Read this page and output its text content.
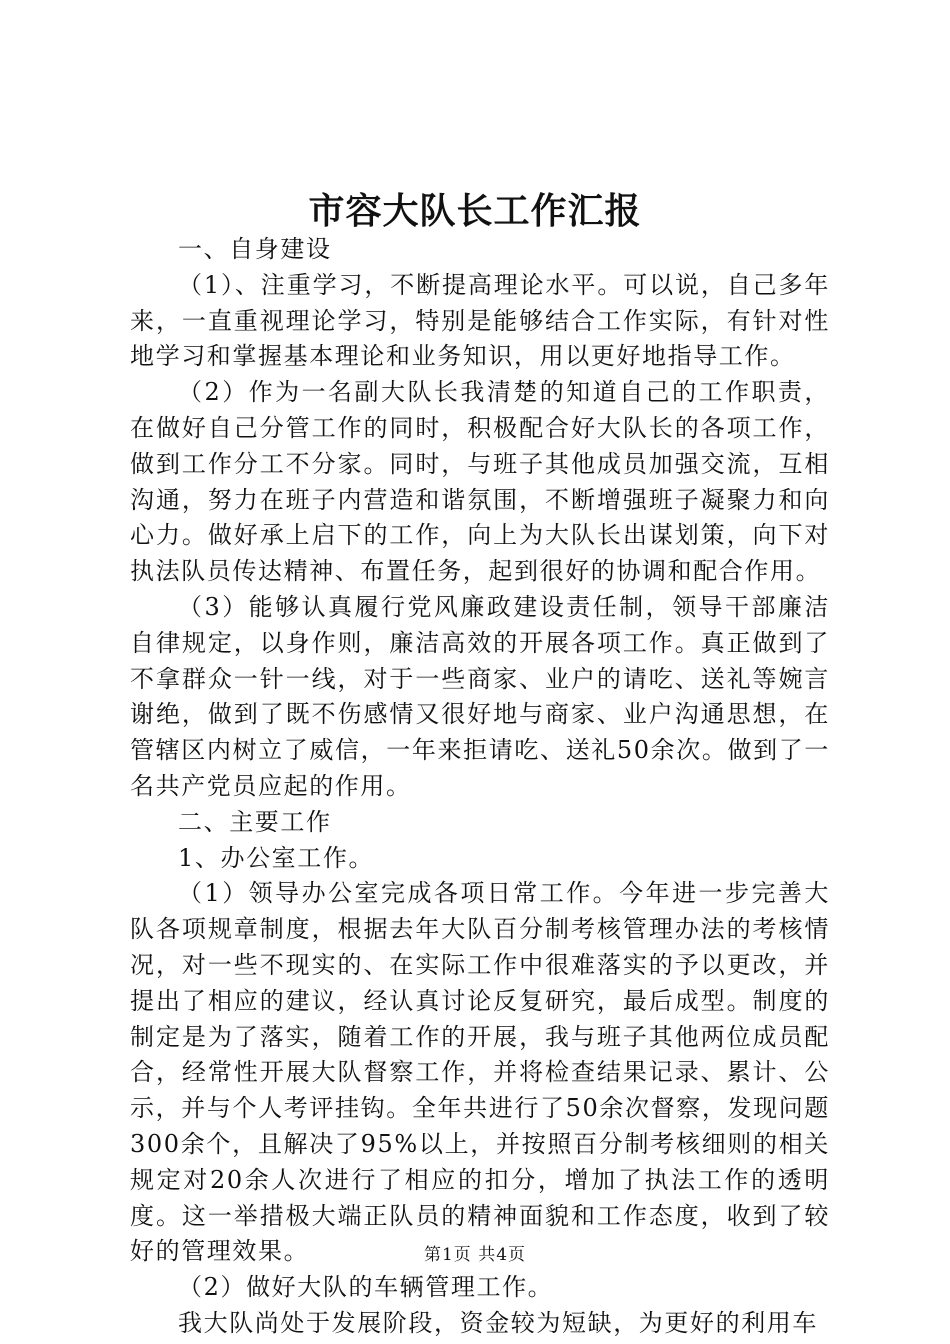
市容大队长工作汇报

一、自身建设

（1）、注重学习，不断提高理论水平。可以说，自己多年来，一直重视理论学习，特别是能够结合工作实际，有针对性地学习和掌握基本理论和业务知识，用以更好地指导工作。

（2）作为一名副大队长我清楚的知道自己的工作职责，在做好自己分管工作的同时，积极配合好大队长的各项工作，做到工作分工不分家。同时，与班子其他成员加强交流，互相沟通，努力在班子内营造和谐氛围，不断增强班子凝聚力和向心力。做好承上启下的工作，向上为大队长出谋划策，向下对执法队员传达精神、布置任务，起到很好的协调和配合作用。

（3）能够认真履行党风廉政建设责任制，领导干部廉洁自律规定，以身作则，廉洁高效的开展各项工作。真正做到了不拿群众一针一线，对于一些商家、业户的请吃、送礼等婉言谢绝，做到了既不伤感情又很好地与商家、业户沟通思想，在管辖区内树立了威信，一年来拒请吃、送礼50余次。做到了一名共产党员应起的作用。

二、主要工作

1、办公室工作。

（1）领导办公室完成各项日常工作。今年进一步完善大队各项规章制度，根据去年大队百分制考核管理办法的考核情况，对一些不现实的、在实际工作中很难落实的予以更改，并提出了相应的建议，经认真讨论反复研究，最后成型。制度的制定是为了落实，随着工作的开展，我与班子其他两位成员配合，经常性开展大队督察工作，并将检查结果记录、累计、公示，并与个人考评挂钩。全年共进行了50余次督察，发现问题300余个，且解决了95%以上，并按照百分制考核细则的相关规定对20余人次进行了相应的扣分，增加了执法工作的透明度。这一举措极大端正队员的精神面貌和工作态度，收到了较好的管理效果。

（2）做好大队的车辆管理工作。

我大队尚处于发展阶段，资金较为短缺，为更好的利用车

第1页 共4页
